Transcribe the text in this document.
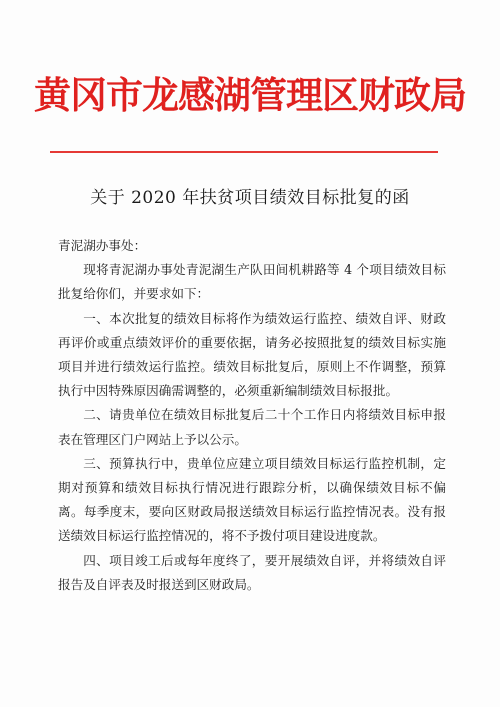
黄冈市龙感湖管理区财政局
关于 2020 年扶贫项目绩效目标批复的函

青泥湖办事处：

现将青泥湖办事处青泥湖生产队田间机耕路等 4 个项目绩效目标批复给你们，并要求如下：

一、本次批复的绩效目标将作为绩效运行监控、绩效自评、财政再评价或重点绩效评价的重要依据，请务必按照批复的绩效目标实施项目并进行绩效运行监控。绩效目标批复后，原则上不作调整，预算执行中因特殊原因确需调整的，必须重新编制绩效目标报批。

二、请贵单位在绩效目标批复后二十个工作日内将绩效目标申报表在管理区门户网站上予以公示。

三、预算执行中，贵单位应建立项目绩效目标运行监控机制，定期对预算和绩效目标执行情况进行跟踪分析，以确保绩效目标不偏离。每季度末，要向区财政局报送绩效目标运行监控情况表。没有报送绩效目标运行监控情况的，将不予拨付项目建设进度款。

四、项目竣工后或每年度终了，要开展绩效自评，并将绩效自评报告及自评表及时报送到区财政局。
